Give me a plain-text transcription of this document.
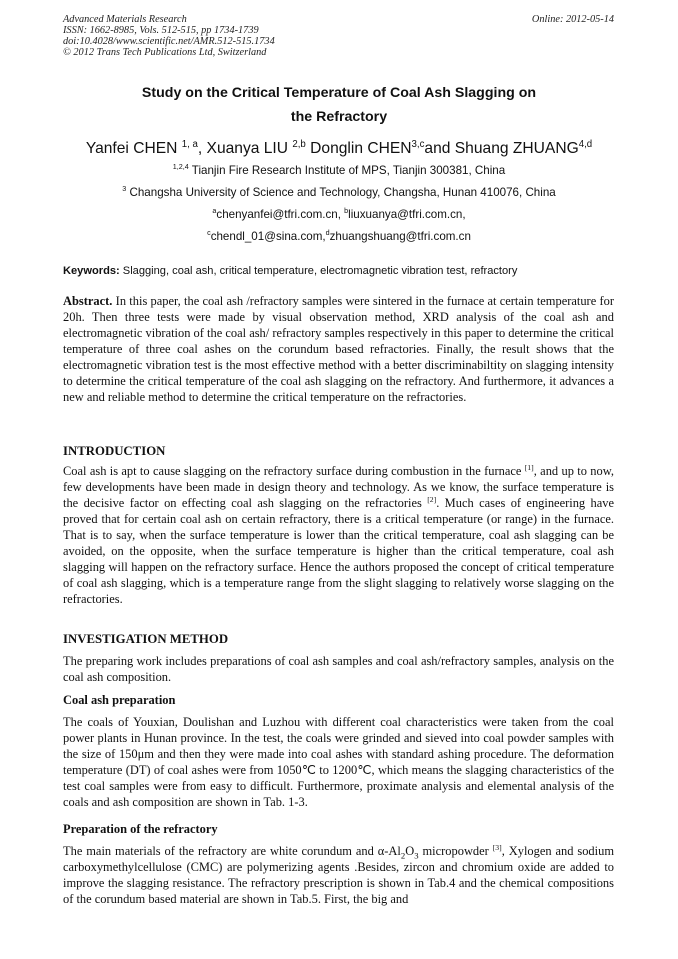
Advanced Materials Research
ISSN: 1662-8985, Vols. 512-515, pp 1734-1739
doi:10.4028/www.scientific.net/AMR.512-515.1734
© 2012 Trans Tech Publications Ltd, Switzerland
Online: 2012-05-14
Study on the Critical Temperature of Coal Ash Slagging on
the Refractory
Yanfei CHEN $^{1, a}$, Xuanya LIU $^{2,b}$ Donglin CHEN$^{3,c}$and Shuang ZHUANG$^{4,d}$
$^{1,2,4}$ Tianjin Fire Research Institute of MPS, Tianjin 300381, China
$^3$ Changsha University of Science and Technology, Changsha, Hunan 410076, China
$^a$chenyanfei@tfri.com.cn, $^b$liuxuanya@tfri.com.cn,
$^c$chendl_01@sina.com,$^d$zhuangshuang@tfri.com.cn
Keywords: Slagging, coal ash, critical temperature, electromagnetic vibration test, refractory
Abstract. In this paper, the coal ash /refractory samples were sintered in the furnace at certain temperature for 20h. Then three tests were made by visual observation method, XRD analysis of the coal ash and electromagnetic vibration of the coal ash/ refractory samples respectively in this paper to determine the critical temperature of three coal ashes on the corundum based refractories. Finally, the result shows that the electromagnetic vibration test is the most effective method with a better discriminabiltity on slagging intensity to determine the critical temperature of the coal ash slagging on the refractory. And furthermore, it advances a new and reliable method to determine the critical temperature on the refractories.
INTRODUCTION
Coal ash is apt to cause slagging on the refractory surface during combustion in the furnace [1], and up to now, few developments have been made in design theory and technology. As we know, the surface temperature is the decisive factor on effecting coal ash slagging on the refractories [2]. Much cases of engineering have proved that for certain coal ash on certain refractory, there is a critical temperature (or range) in the furnace. That is to say, when the surface temperature is lower than the critical temperature, coal ash slagging can be avoided, on the opposite, when the surface temperature is higher than the critical temperature, coal ash slagging will happen on the refractory surface. Hence the authors proposed the concept of critical temperature of coal ash slagging, which is a temperature range from the slight slagging to relatively worse slagging on the refractories.
INVESTIGATION METHOD
The preparing work includes preparations of coal ash samples and coal ash/refractory samples, analysis on the coal ash composition.
Coal ash preparation
The coals of Youxian, Doulishan and Luzhou with different coal characteristics were taken from the coal power plants in Hunan province. In the test, the coals were grinded and sieved into coal powder samples with the size of 150μm and then they were made into coal ashes with standard ashing procedure. The deformation temperature (DT) of coal ashes were from 1050℃ to 1200℃, which means the slagging characteristics of the test coal samples were from easy to difficult. Furthermore, proximate analysis and elemental analysis of the coals and ash composition are shown in Tab. 1-3.
Preparation of the refractory
The main materials of the refractory are white corundum and $\alpha-Al_2O_3$ micropowder [3], Xylogen and sodium carboxymethylcellulose (CMC) are polymerizing agents .Besides, zircon and chromium oxide are added to improve the slagging resistance. The refractory prescription is shown in Tab.4 and the chemical compositions of the corundum based material are shown in Tab.5. First, the big and
